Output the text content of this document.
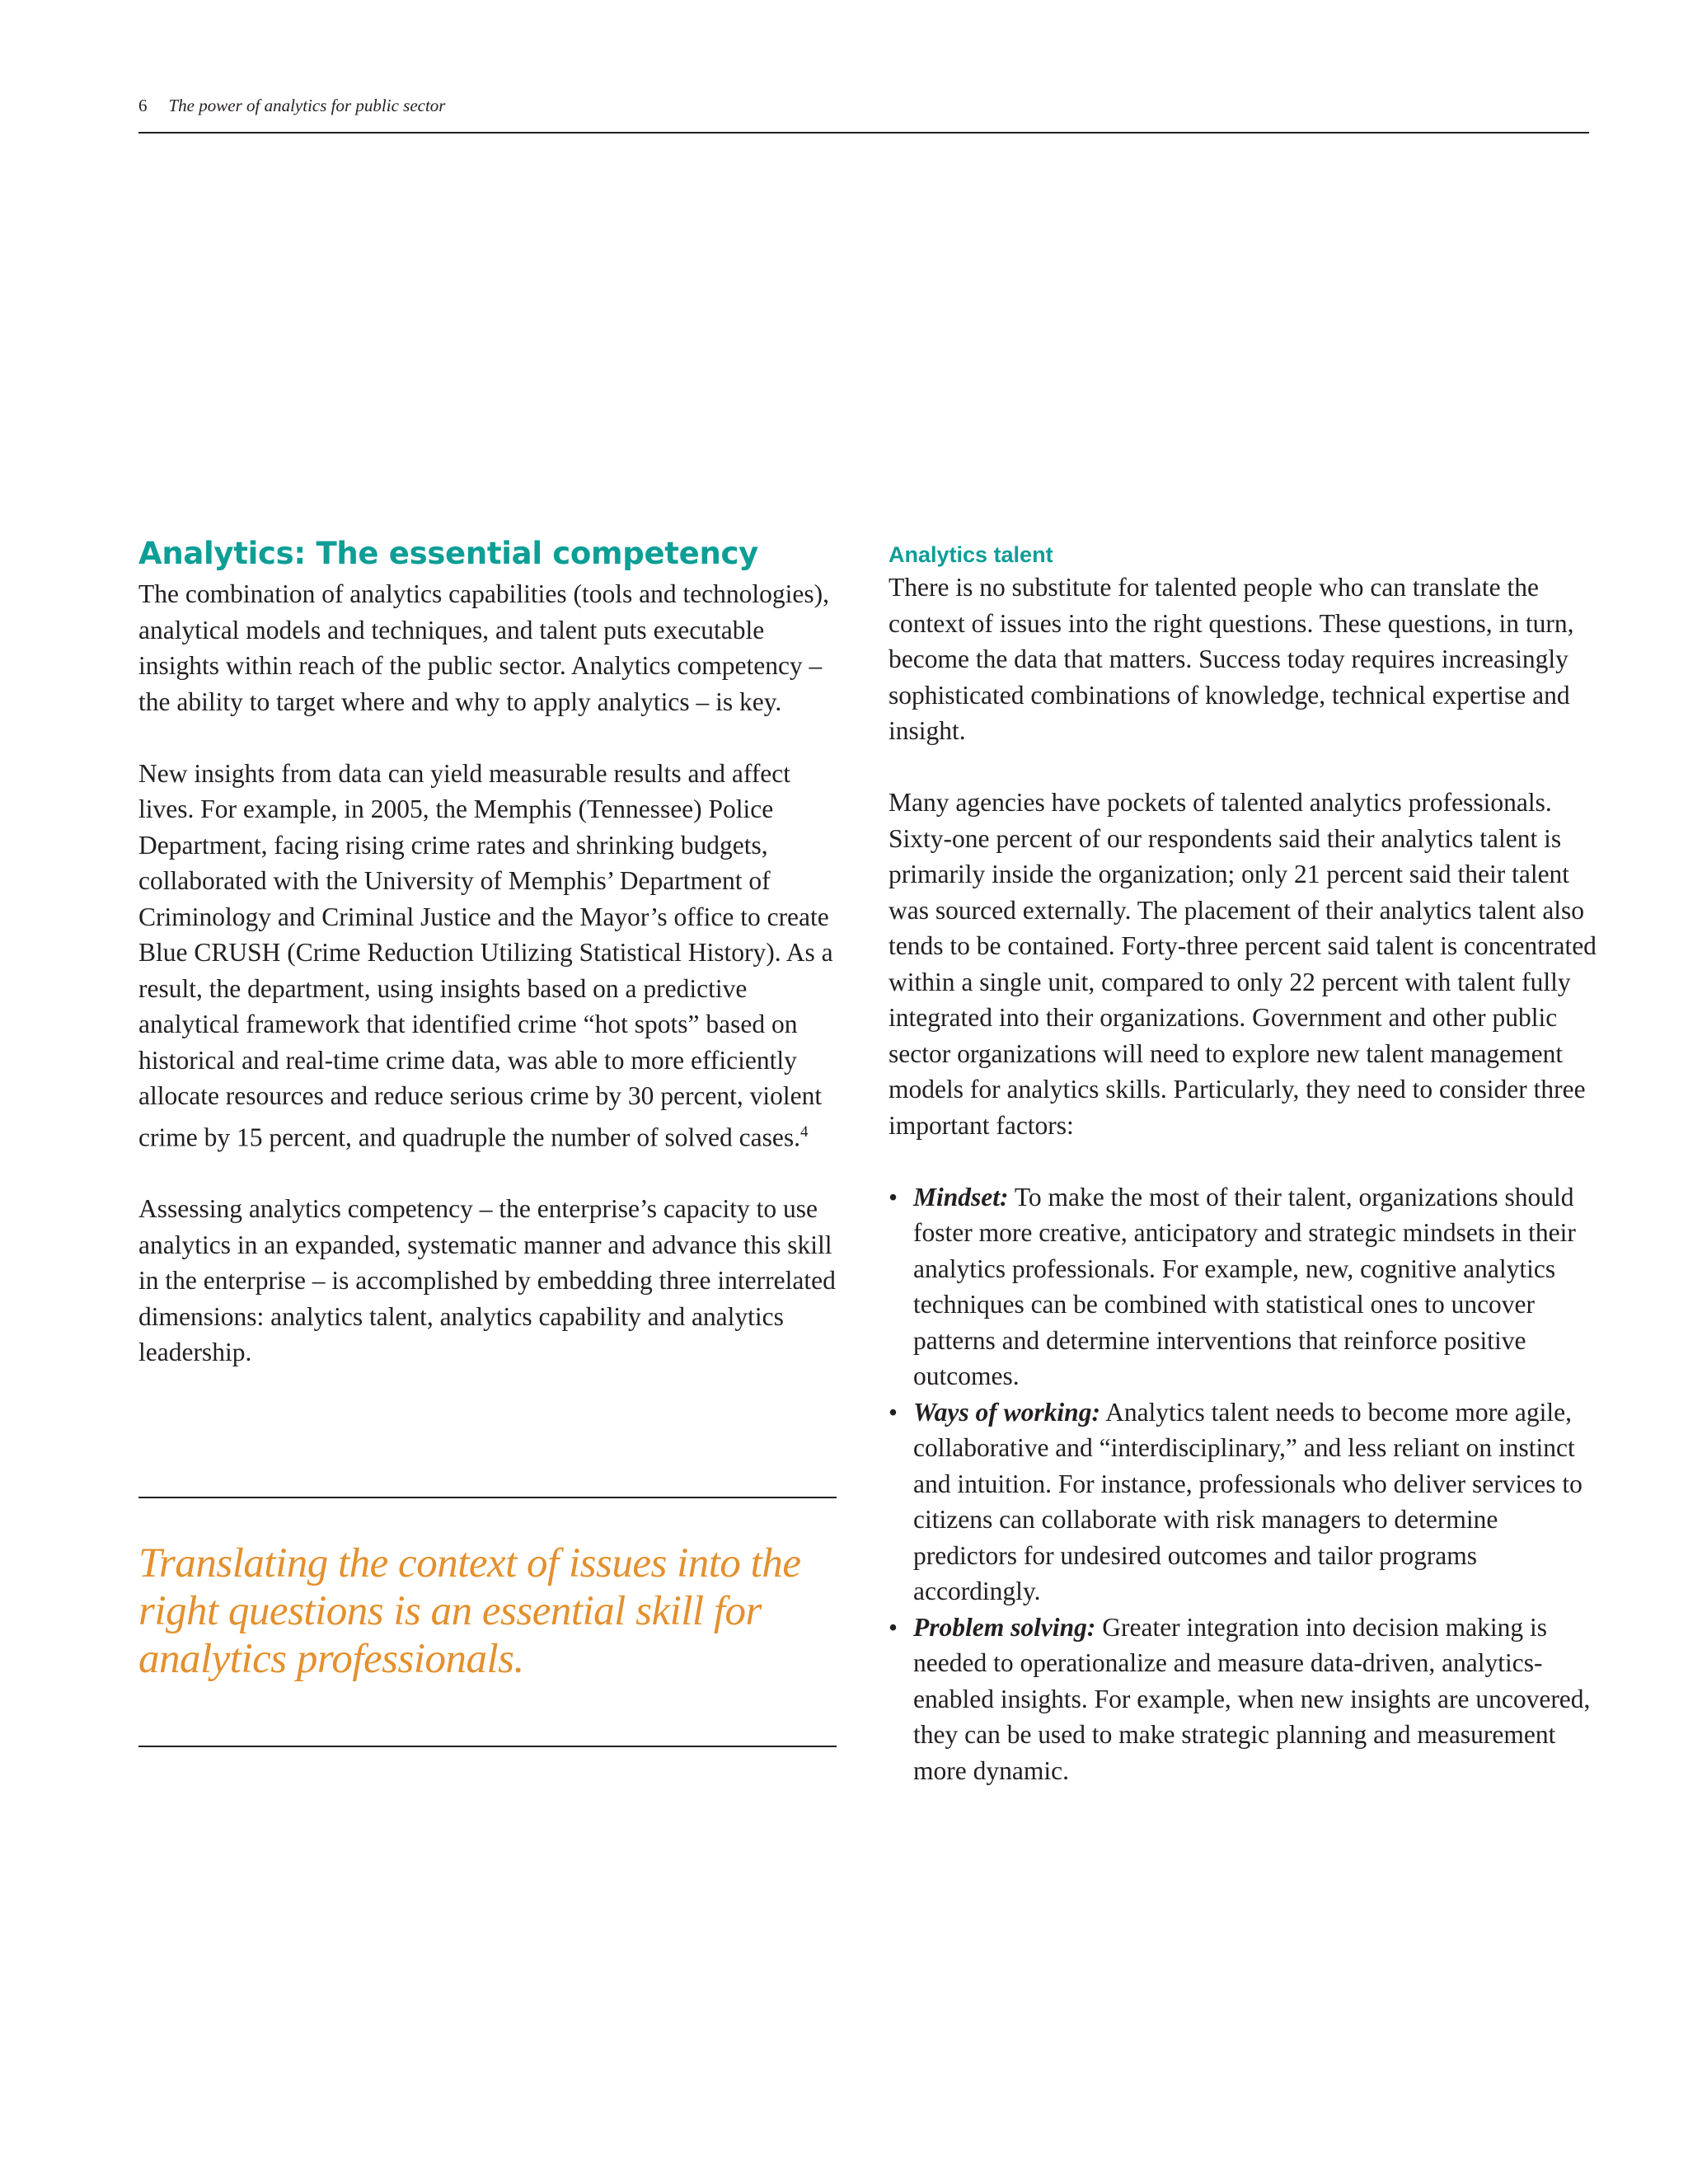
6 The power of analytics for public sector
Analytics: The essential competency

The combination of analytics capabilities (tools and technologies), analytical models and techniques, and talent puts executable insights within reach of the public sector. Analytics competency – the ability to target where and why to apply analytics – is key.

New insights from data can yield measurable results and affect lives. For example, in 2005, the Memphis (Tennessee) Police Department, facing rising crime rates and shrinking budgets, collaborated with the University of Memphis’ Department of Criminology and Criminal Justice and the Mayor’s office to create Blue CRUSH (Crime Reduction Utilizing Statistical History). As a result, the department, using insights based on a predictive analytical framework that identified crime “hot spots” based on historical and real-time crime data, was able to more efficiently allocate resources and reduce serious crime by 30 percent, violent crime by 15 percent, and quadruple the number of solved cases.$^4$

Assessing analytics competency – the enterprise’s capacity to use analytics in an expanded, systematic manner and advance this skill in the enterprise – is accomplished by embedding three interrelated dimensions: analytics talent, analytics capability and analytics leadership.

Translating the context of issues into the right questions is an essential skill for analytics professionals.
Analytics talent

There is no substitute for talented people who can translate the context of issues into the right questions. These questions, in turn, become the data that matters. Success today requires increasingly sophisticated combinations of knowledge, technical expertise and insight.

Many agencies have pockets of talented analytics professionals. Sixty-one percent of our respondents said their analytics talent is primarily inside the organization; only 21 percent said their talent was sourced externally. The placement of their analytics talent also tends to be contained. Forty-three percent said talent is concentrated within a single unit, compared to only 22 percent with talent fully integrated into their organizations. Government and other public sector organizations will need to explore new talent management models for analytics skills. Particularly, they need to consider three important factors:

• Mindset: To make the most of their talent, organizations should foster more creative, anticipatory and strategic mindsets in their analytics professionals. For example, new, cognitive analytics techniques can be combined with statistical ones to uncover patterns and determine interventions that reinforce positive outcomes.
• Ways of working: Analytics talent needs to become more agile, collaborative and “interdisciplinary,” and less reliant on instinct and intuition. For instance, professionals who deliver services to citizens can collaborate with risk managers to determine predictors for undesired outcomes and tailor programs accordingly.
• Problem solving: Greater integration into decision making is needed to operationalize and measure data-driven, analytics-enabled insights. For example, when new insights are uncovered, they can be used to make strategic planning and measurement more dynamic.
